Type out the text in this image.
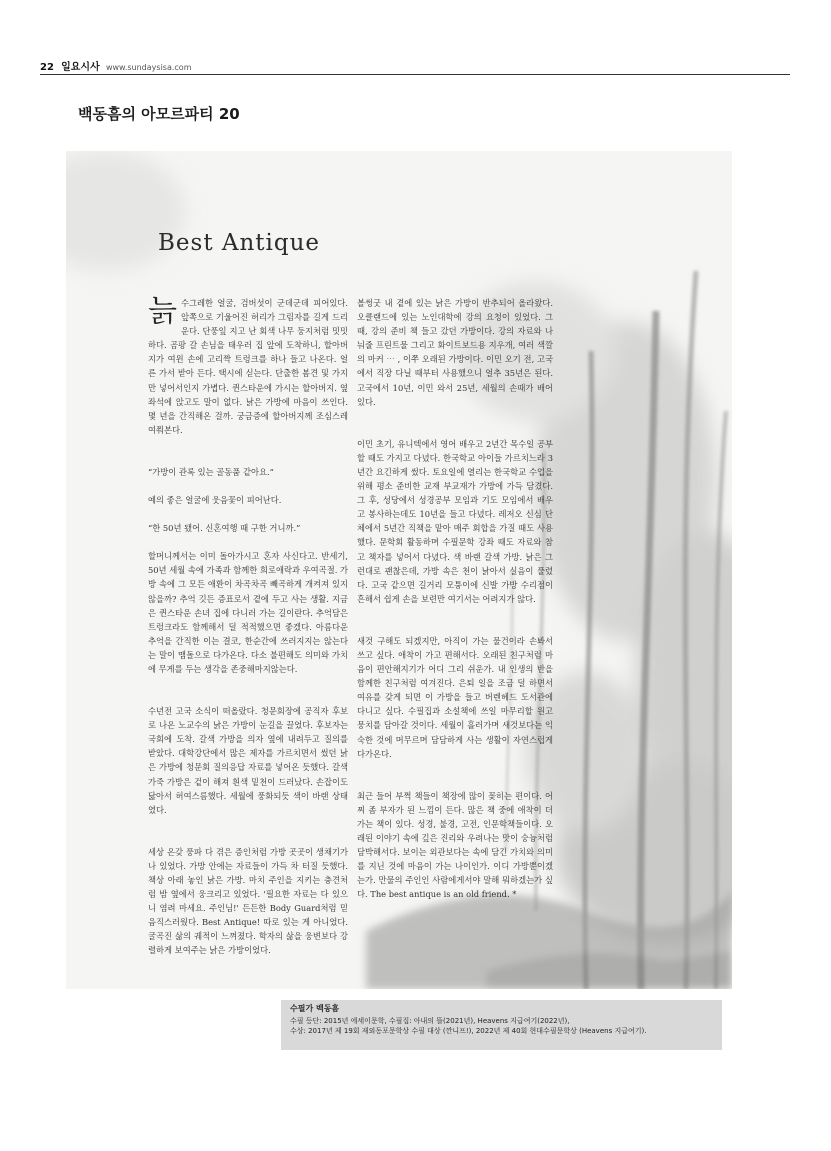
22 일요시사 www.sundaysisa.com
백동흠의 아모르파티 20
Best Antique
늙 수그레한 얼굴, 검버섯이 군데군데 피어있다. 앞쪽으로 기울어진 허리가 그림자를 길게 드리운다. 단풍잎 지고 난 회색 나무 둥지처럼 밋밋하다. 곰팡 갈 손님을 태우러 집 앞에 도착하니, 할아버지가 여윈 손에 고리짝 트렁크를 하나 들고 나온다. 얼른 가서 받아 든다. 택시에 싣는다. 단출한 봄견 및 가지만 넣어서인지 가볍다. 퀸스타운에 가시는 할아버지. 옆 좌석에 앉고도 말이 없다. 낡은 가방에 마음이 쓰인다. 몇 년을 간직해온 걸까. 궁금증에 할아버지께 조심스레 여쭤본다.

“가방이 관록 있는 골동품 같아요.”

예의 좋은 얼굴에 웃음꽃이 피어난다.

“한 50년 됐어. 신혼여행 때 구한 거니까.”

할머니께서는 이미 돌아가시고 혼자 사신다고. 반세기, 50년 세월 속에 가족과 함께한 희로애락과 우여곡절. 가방 속에 그 모든 애환이 차곡차곡 빼곡하게 개켜져 있지 않을까? 추억 깃든 증표로서 곁에 두고 사는 생활. 지금은 퀸스타운 손녀 집에 다니러 가는 길이란다. 추억담은 트렁크라도 함께해서 덜 적적했으면 좋겠다. 아름다운 추억을 간직한 이는 결코, 한순간에 쓰러지지는 않는다는 말이 맴돌으로 다가온다. 다소 불편해도 의미와 가치에 무게를 두는 생각을 존중해마지않는다.

수년전 고국 소식이 떠올랐다. 청문회장에 공직자 후보로 나온 노교수의 낡은 가방이 눈길을 끌었다. 후보자는 국회에 도착. 갈색 가방을 의자 옆에 내려두고 질의를 받았다. 대학강단에서 많은 제자를 가르치면서 썼던 낡은 가방에 청문회 질의응답 자료를 넣어온 듯했다. 갈색 가죽 가방은 겉이 해져 흰색 밑천이 드러났다. 손잡이도 닳아서 허여스름했다. 세월에 풍화되듯 색이 바랜 상태였다.

세상 온갖 풍파 다 겪은 증인처럼 가방 곳곳이 생채기가 나 있었다. 가방 안에는 자료들이 가득 차 터질 듯했다. 책상 아래 놓인 낡은 가방. 마치 주인을 지키는 충견처럼 밤 옆에서 웅크리고 있었다. '필요한 자료는 다 있으니 염려 마세요. 주인님!' 든든한 Body Guard처럼 믿음직스러웠다. Best Antique! 따로 있는 게 아니었다. 굴곡진 삶의 궤적이 느껴졌다. 학자의 삶을 웅변보다 강렬하게 보여주는 낡은 가방이었다.

볼썽굿 내 곁에 있는 낡은 가방이 반추되어 올라왔다. 오클랜드에 있는 노인대학에 강의 요청이 있었다. 그때, 강의 준비 책 들고 갔던 가방이다. 강의 자료와 나눠줄 프린트물 그리고 화이트보드용 지우개, 여러 색깔의 마커 ⋯ , 이쭈 오래된 가방이다. 이민 오기 전, 고국에서 직장 다닐 때부터 사용했으니 얼추 35년은 된다. 고국에서 10년, 이민 와서 25년, 세월의 손때가 배어있다.

이민 초기, 유니텍에서 영어 배우고 2년간 목수일 공부할 때도 가지고 다녔다. 한국학교 아이들 가르치느라 3년간 요긴하게 썼다. 토요일에 열리는 한국학교 수업을 위해 평소 준비한 교재 부교재가 가방에 가득 담겼다. 그 후, 성당에서 성경공부 모임과 기도 모임에서 배우고 봉사하는데도 10년을 들고 다녔다. 레저오 신심 단체에서 5년간 직책을 맡아 매주 회합을 가질 때도 사용했다. 문학회 활동하며 수필문학 강좌 때도 자료와 참고 책자를 넣어서 다녔다. 색 바랜 갈색 가방. 낡은 그런대로 괜찮은데, 가방 속은 천이 낡아서 실음이 풀렸다. 고국 같으면 길거리 모퉁이에 신발 가방 수리점이 흔해서 쉽게 손을 보련만 여기서는 어려지가 않다.

새것 구해도 되겠지만, 아직이 가는 물건이라 손봐서 쓰고 싶다. 애착이 가고 편해서다. 오래된 친구처럼 마음이 편안해지기가 어디 그리 쉬운가. 내 인생의 반을 함께한 친구처럼 여겨진다. 은퇴 일을 조금 덜 하면서 여유를 갖게 되면 이 가방을 들고 버렌헤드 도서관에 다니고 싶다. 수필집과 소설책에 쓰일 마무리할 원고 뭉치를 담아갈 것이다. 세월이 흘러가며 새것보다는 익숙한 것에 머무르며 담담하게 사는 생활이 자연스럽게 다가온다.

최근 들어 부쩍 책들이 책장에 많이 꽂히는 편이다. 어찌 좀 부자가 된 느낌이 든다. 많은 책 중에 애착이 더 가는 책이 있다. 성경, 불경, 고전, 인문학책들이다. 오래된 이야기 속에 깊은 진리와 우려나는 맛이 숭늉처럼 담박해서다. 보이는 외관보다는 속에 담긴 가치와 의미를 지닌 것에 마음이 가는 나이인가. 이디 가방뿐이겠는가. 만물의 주인인 사람에게서야 말해 뭐하겠는가 싶다. The best antique is an old friend. *

수필가 백동흠
수필 등단: 2015년 에세이문학, 수필집: 아내의 뜰(2021년), Heavens 지급여기(2022년),
수상: 2017년 제 19회 재외동포문학상 수필 대상 (깐니프!), 2022년 제 40회 현대수필문학상 (Heavens 지급여기).
